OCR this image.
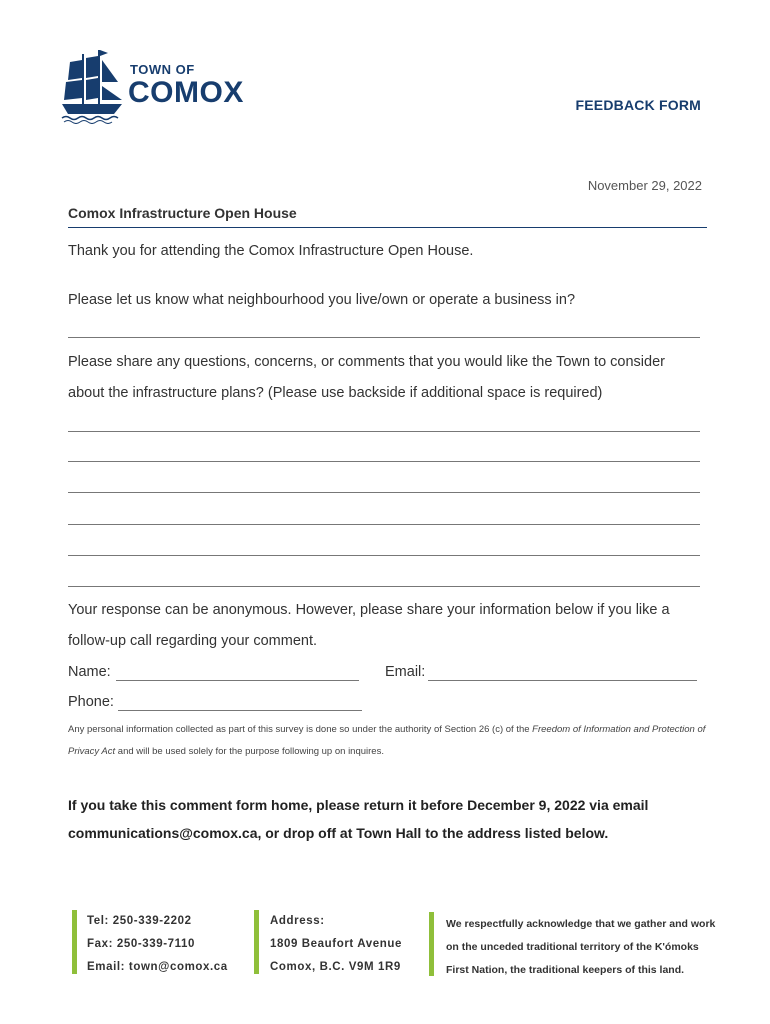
TOWN OF
COMOX	FEEDBACK FORM
November 29, 2022
Comox Infrastructure Open House
Thank you for attending the Comox Infrastructure Open House.
Please let us know what neighbourhood you live/own or operate a business in?
Please share any questions, concerns, or comments that you would like the Town to consider
about the infrastructure plans? (Please use backside if additional space is required)
Your response can be anonymous. However, please share your information below if you like a
follow-up call regarding your comment.
Name:	Email:
Phone:
Any personal information collected as part of this survey is done so under the authority of Section 26 (c) of the Freedom of Information and Protection of Privacy Act and will be used solely for the purpose following up on inquires.
If you take this comment form home, please return it before December 9, 2022 via email
communications@comox.ca, or drop off at Town Hall to the address listed below.
Tel: 250-339-2202
Fax: 250-339-7110
Email: town@comox.ca
Address:
1809 Beaufort Avenue
Comox, B.C. V9M 1R9
We respectfully acknowledge that we gather and work
on the unceded traditional territory of the K'ómoks
First Nation, the traditional keepers of this land.
